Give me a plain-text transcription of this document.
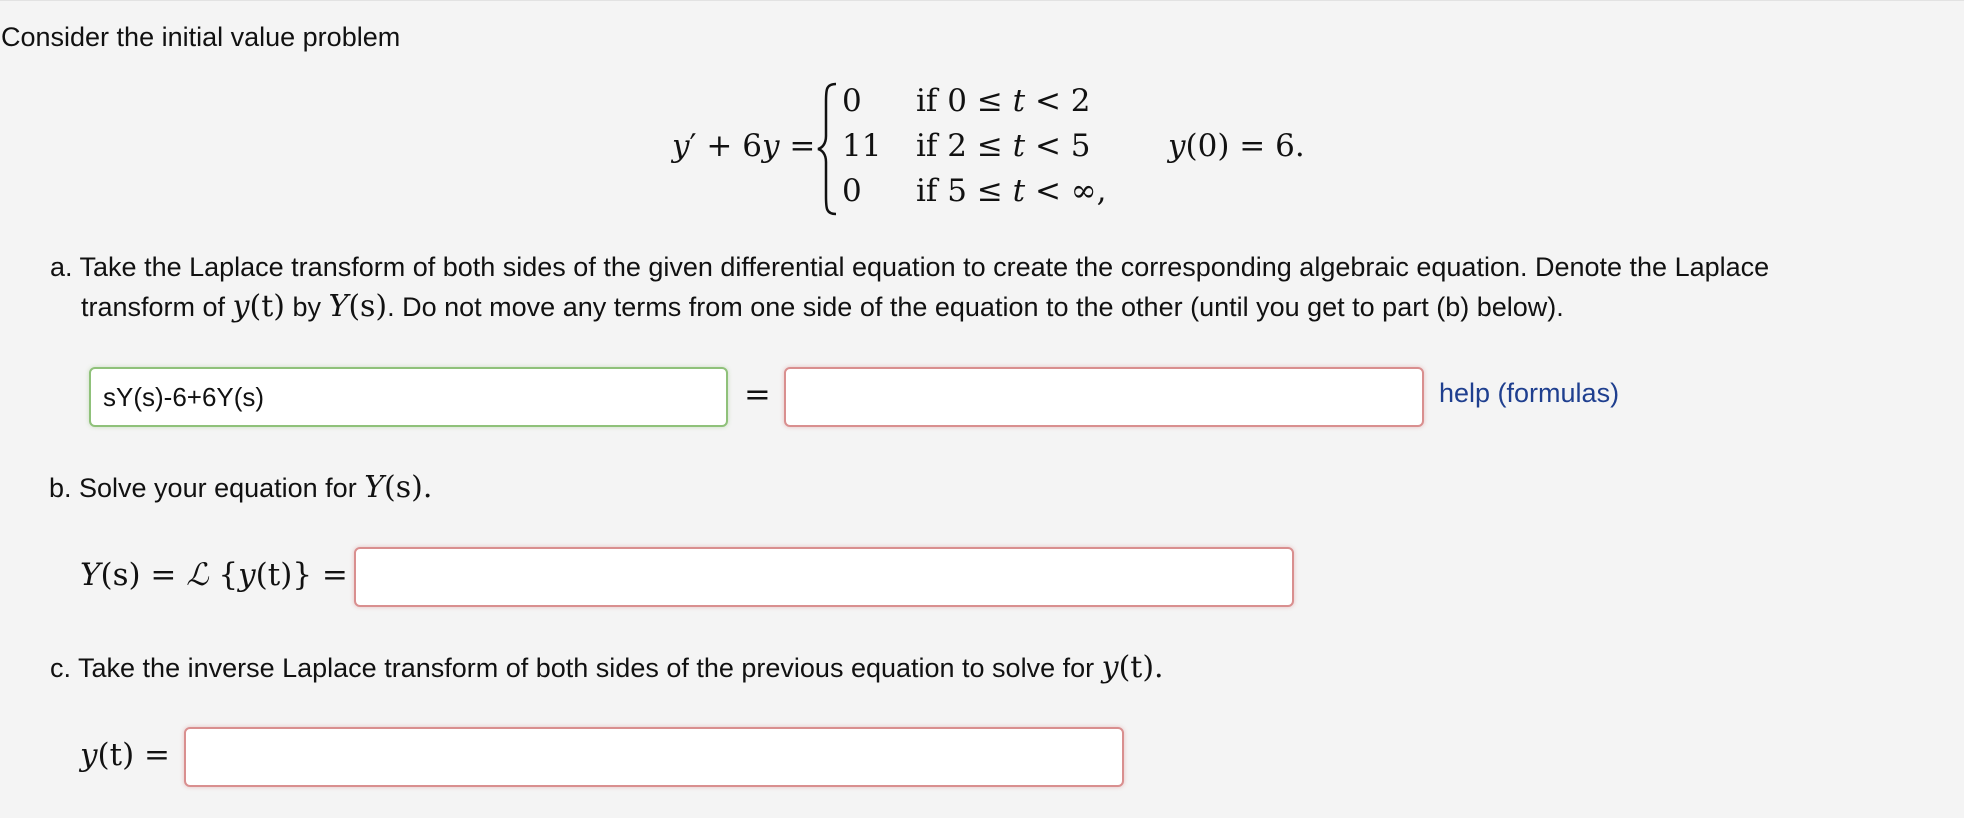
Consider the initial value problem
y′ + 6y =
0
11
0
if 0 ≤ t < 2
if 2 ≤ t < 5
if 5 ≤ t < ∞,
y(0) = 6.
a. Take the Laplace transform of both sides of the given differential equation to create the corresponding algebraic equation. Denote the Laplace
transform of y(t) by Y(s). Do not move any terms from one side of the equation to the other (until you get to part (b) below).
sY(s)-6+6Y(s)	=	help (formulas)
b. Solve your equation for Y(s).
Y(s) = ℒ {y(t)} =
c. Take the inverse Laplace transform of both sides of the previous equation to solve for y(t).
y(t) =
